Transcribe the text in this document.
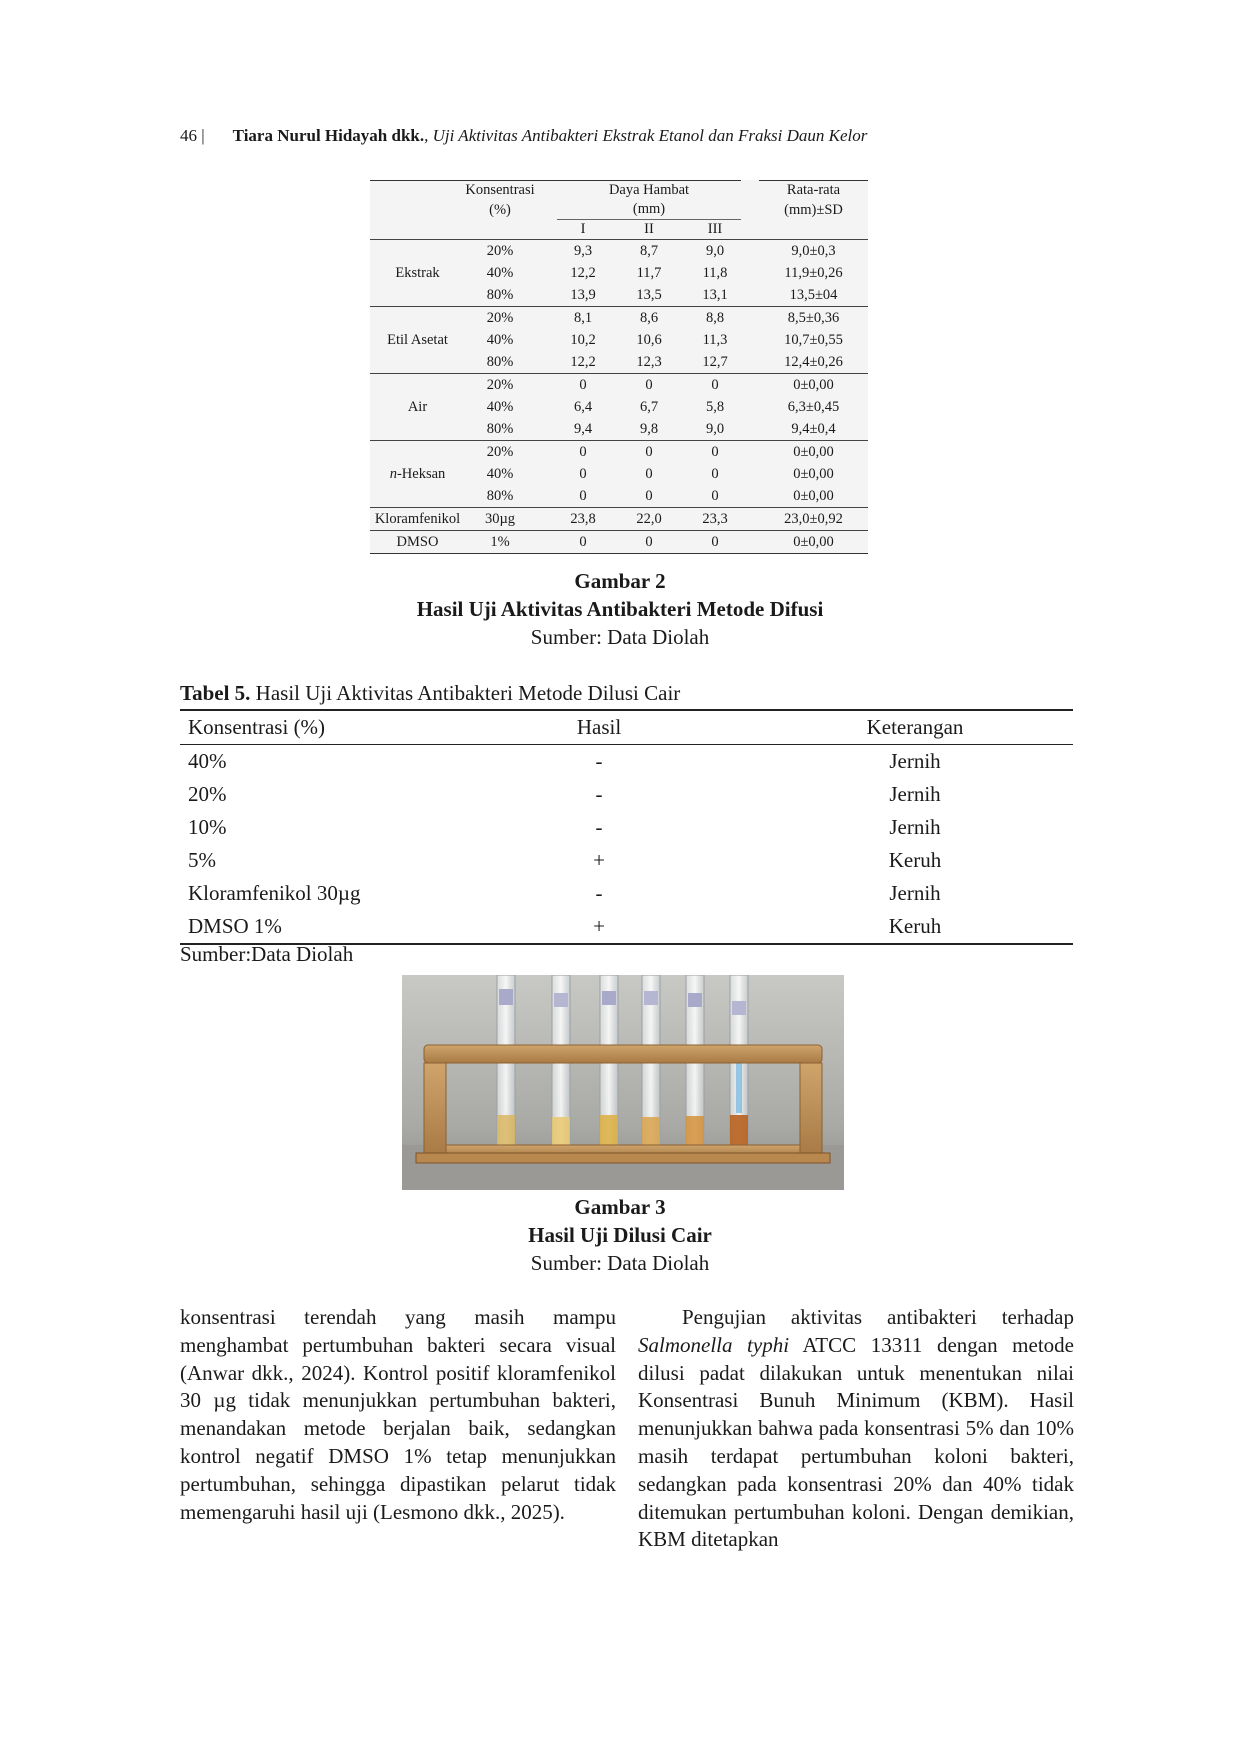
46 | Tiara Nurul Hidayah dkk., Uji Aktivitas Antibakteri Ekstrak Etanol dan Fraksi Daun Kelor
	Konsentrasi		Daya Hambat				Rata-rata
	(%)		(mm)				(mm)±SD
			I	II	III		
Ekstrak	20%		9,3	8,7	9,0		9,0±0,3
	40%		12,2	11,7	11,8		11,9±0,26
	80%		13,9	13,5	13,1		13,5±04
Etil Asetat	20%		8,1	8,6	8,8		8,5±0,36
	40%		10,2	10,6	11,3		10,7±0,55
	80%		12,2	12,3	12,7		12,4±0,26
Air	20%		0	0	0		0±0,00
	40%		6,4	6,7	5,8		6,3±0,45
	80%		9,4	9,8	9,0		9,4±0,4
n-Heksan	20%		0	0	0		0±0,00
	40%		0	0	0		0±0,00
	80%		0	0	0		0±0,00
Kloramfenikol	30µg		23,8	22,0	23,3		23,0±0,92
DMSO	1%		0	0	0		0±0,00
Gambar 2
Hasil Uji Aktivitas Antibakteri Metode Difusi
Sumber: Data Diolah
Tabel 5. Hasil Uji Aktivitas Antibakteri Metode Dilusi Cair
Konsentrasi (%)	Hasil	Keterangan
40%	-	Jernih
20%	-	Jernih
10%	-	Jernih
5%	+	Keruh
Kloramfenikol 30µg	-	Jernih
DMSO 1%	+	Keruh
Sumber:Data Diolah
Gambar 3
Hasil Uji Dilusi Cair
Sumber: Data Diolah

konsentrasi terendah yang masih mampu menghambat pertumbuhan bakteri secara visual (Anwar dkk., 2024). Kontrol positif kloramfenikol 30 µg tidak menunjukkan pertumbuhan bakteri, menandakan metode berjalan baik, sedangkan kontrol negatif DMSO 1% tetap menunjukkan pertumbuhan, sehingga dipastikan pelarut tidak memengaruhi hasil uji (Lesmono dkk., 2025).

Pengujian aktivitas antibakteri terhadap Salmonella typhi ATCC 13311 dengan metode dilusi padat dilakukan untuk menentukan nilai Konsentrasi Bunuh Minimum (KBM). Hasil menunjukkan bahwa pada konsentrasi 5% dan 10% masih terdapat pertumbuhan koloni bakteri, sedangkan pada konsentrasi 20% dan 40% tidak ditemukan pertumbuhan koloni. Dengan demikian, KBM ditetapkan
